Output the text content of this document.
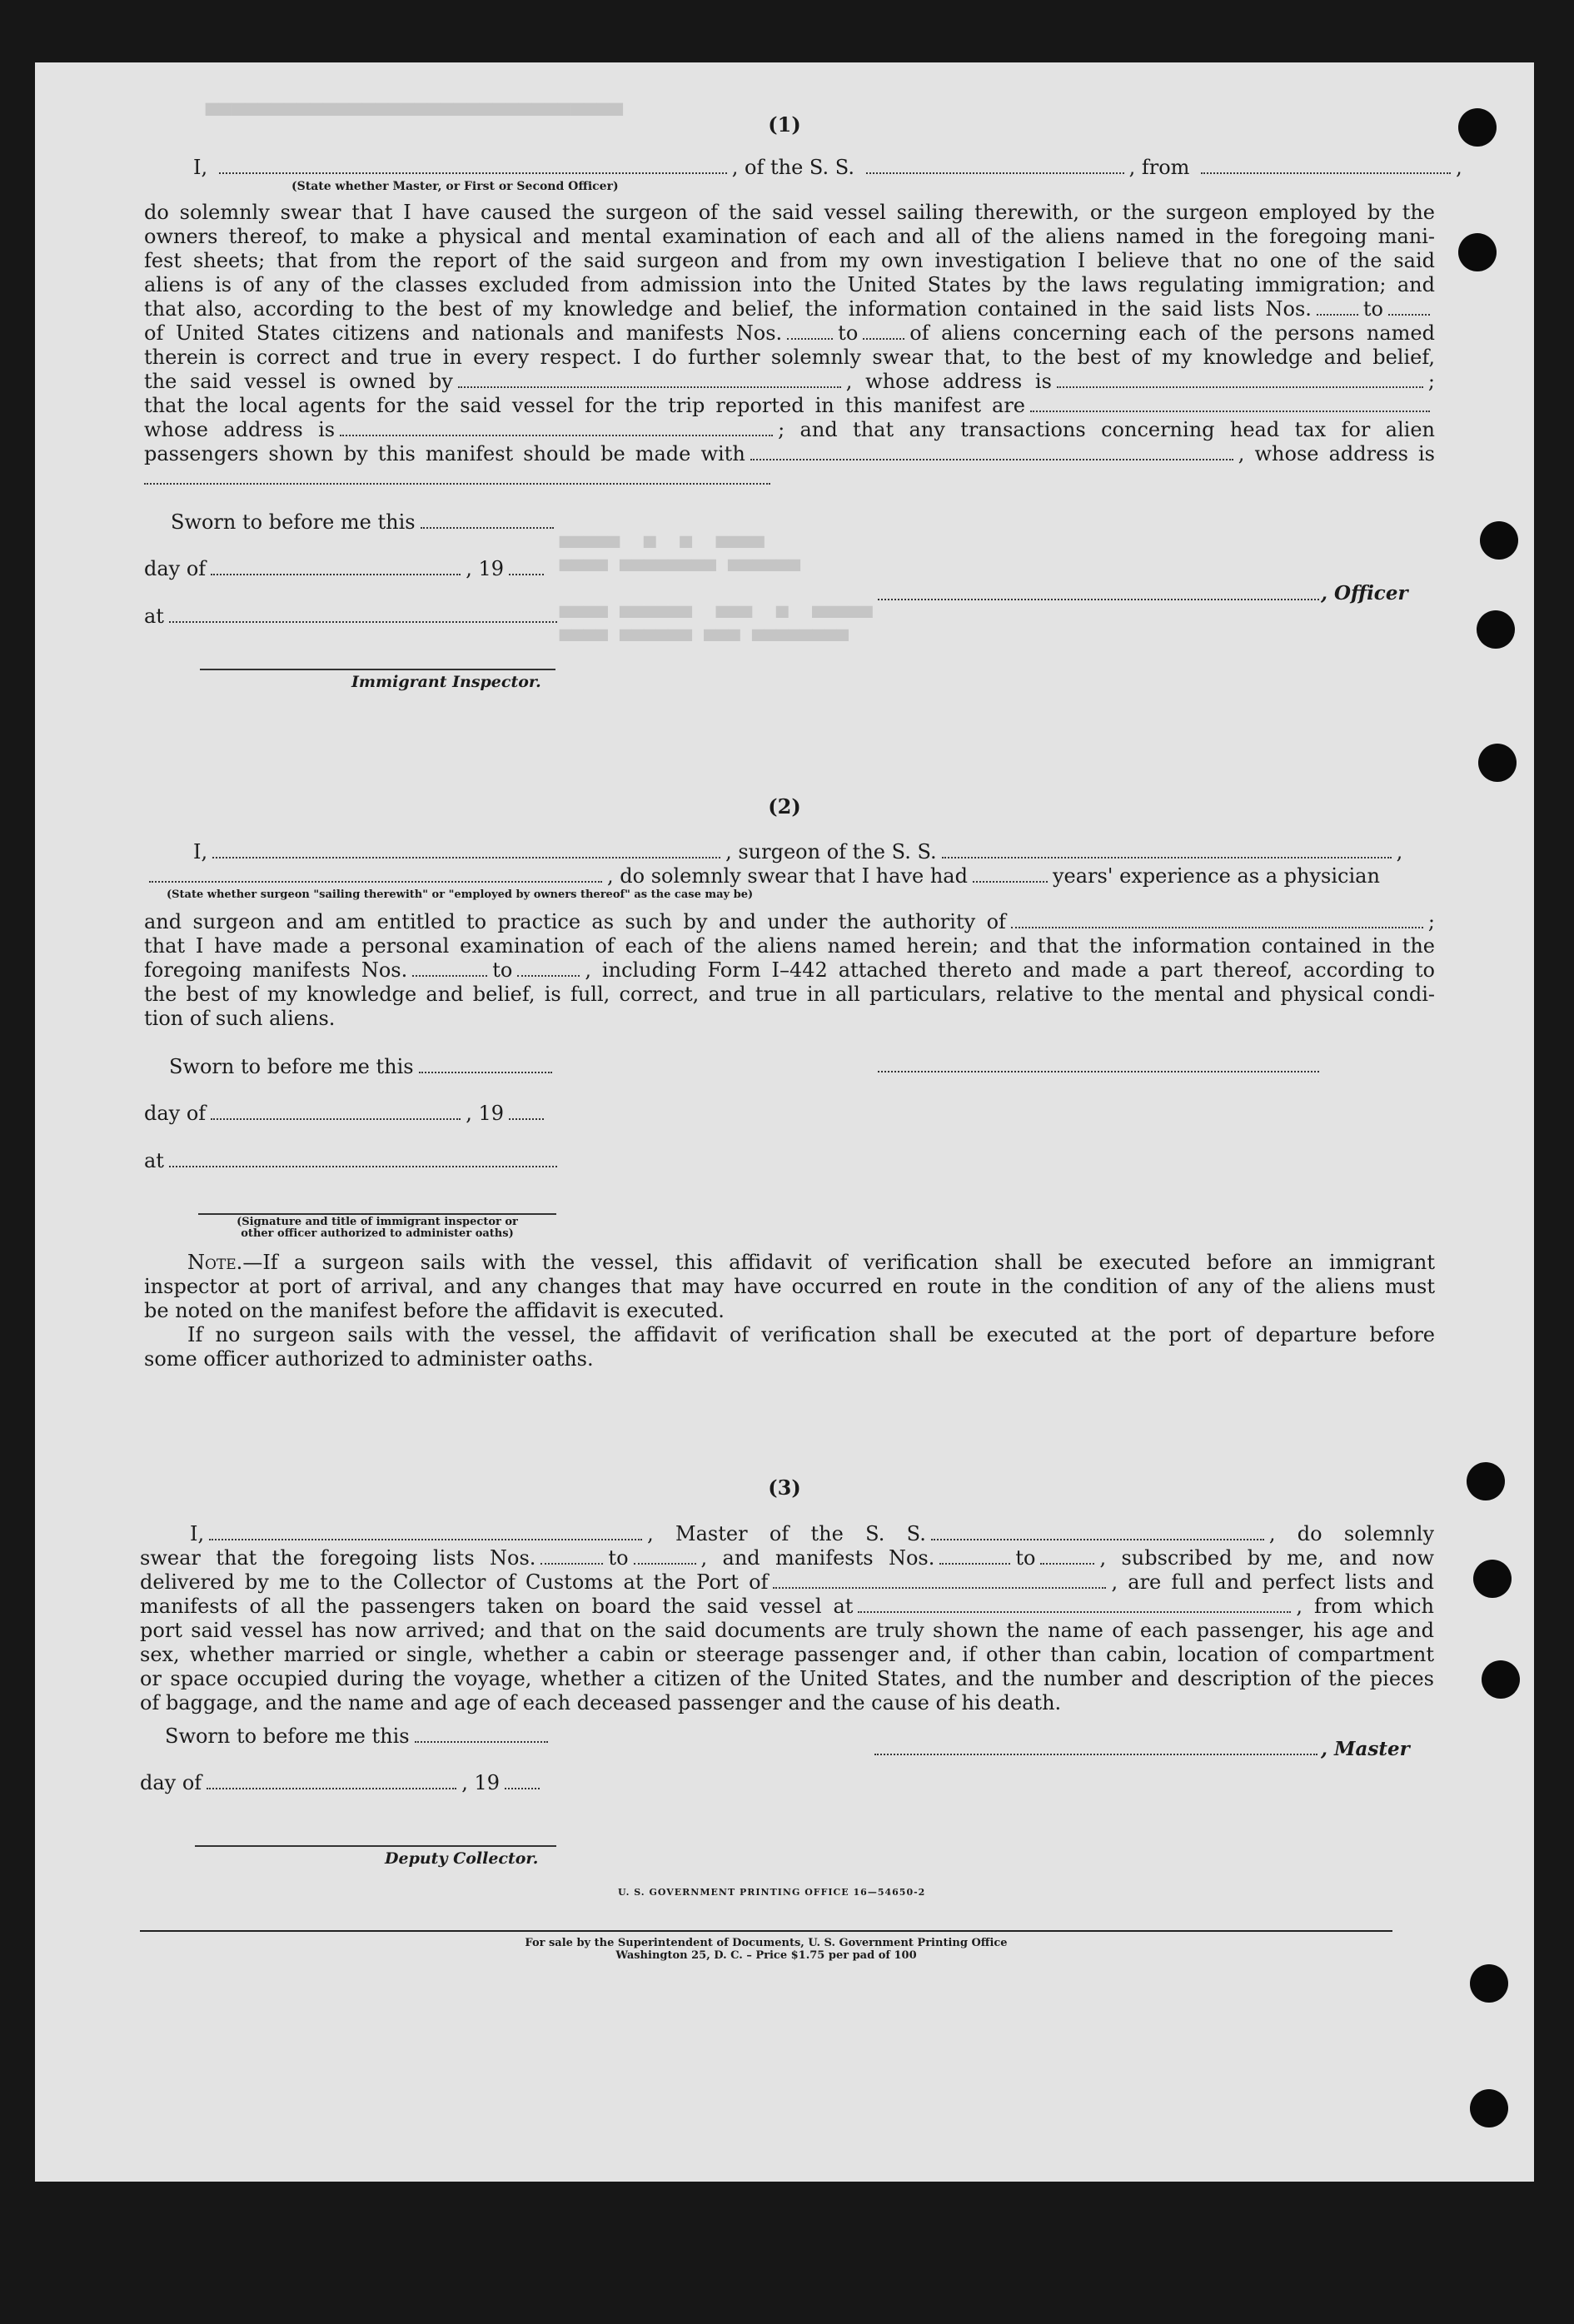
▀▀▀▀▀▀▀▀▀▀▀▀▀▀▀▀▀▀▀▀▀▀▀▀▀▀▀▀▀▀▀▀
▄▄▄▄▄  ▄  ▄  ▄▄▄▄
▄▄▄▄ ▄▄▄▄▄▄▄▄ ▄▄▄▄▄▄

▄▄▄▄ ▄▄▄▄▄▄  ▄▄▄  ▄  ▄▄▄▄▄
▄▄▄▄ ▄▄▄▄▄▄ ▄▄▄ ▄▄▄▄▄▄▄▄
(1)
I,	, of the S. S.	, from	,
(State whether Master, or First or Second Officer)
do solemnly swear that I have caused the surgeon of the said vessel sailing therewith, or the surgeon employed by the
owners thereof, to make a physical and mental examination of each and all of the aliens named in the foregoing mani-
fest sheets; that from the report of the said surgeon and from my own investigation I believe that no one of the said
aliens is of any of the classes excluded from admission into the United States by the laws regulating immigration; and
that also, according to the best of my knowledge and belief, the information contained in the said lists Nos.	to
of United States citizens and nationals and manifests Nos.	to	of aliens concerning each of the persons named
therein is correct and true in every respect. I do further solemnly swear that, to the best of my knowledge and belief,
the said vessel is owned by	, whose address is	;
that the local agents for the said vessel for the trip reported in this manifest are
whose address is	; and that any transactions concerning head tax for alien
passengers shown by this manifest should be made with	, whose address is
Sworn to before me this
day of	, 19
at
, Officer
Immigrant Inspector.
(2)
I,	, surgeon of the S. S.	,
, do solemnly swear that I have had	years' experience as a physician
(State whether surgeon "sailing therewith" or "employed by owners thereof" as the case may be)
and surgeon and am entitled to practice as such by and under the authority of	;
that I have made a personal examination of each of the aliens named herein; and that the information contained in the
foregoing manifests Nos.	to	, including Form I–442 attached thereto and made a part thereof, according to
the best of my knowledge and belief, is full, correct, and true in all particulars, relative to the mental and physical condi-
tion of such aliens.
Sworn to before me this
day of	, 19
at
(Signature and title of immigrant inspector or
other officer authorized to administer oaths)
Note.—If a surgeon sails with the vessel, this affidavit of verification shall be executed before an immigrant
inspector at port of arrival, and any changes that may have occurred en route in the condition of any of the aliens must
be noted on the manifest before the affidavit is executed.
If no surgeon sails with the vessel, the affidavit of verification shall be executed at the port of departure before
some officer authorized to administer oaths.
(3)
I,	, Master of the S. S.	, do solemnly
swear that the foregoing lists Nos.	to	, and manifests Nos.	to	, subscribed by me, and now
delivered by me to the Collector of Customs at the Port of	, are full and perfect lists and
manifests of all the passengers taken on board the said vessel at	, from which
port said vessel has now arrived; and that on the said documents are truly shown the name of each passenger, his age and
sex, whether married or single, whether a cabin or steerage passenger and, if other than cabin, location of compartment
or space occupied during the voyage, whether a citizen of the United States, and the number and description of the pieces
of baggage, and the name and age of each deceased passenger and the cause of his death.
Sworn to before me this
, Master
day of	, 19
Deputy Collector.
U. S. GOVERNMENT PRINTING OFFICE 16—54650-2
For sale by the Superintendent of Documents, U. S. Government Printing Office
Washington 25, D. C. – Price $1.75 per pad of 100
